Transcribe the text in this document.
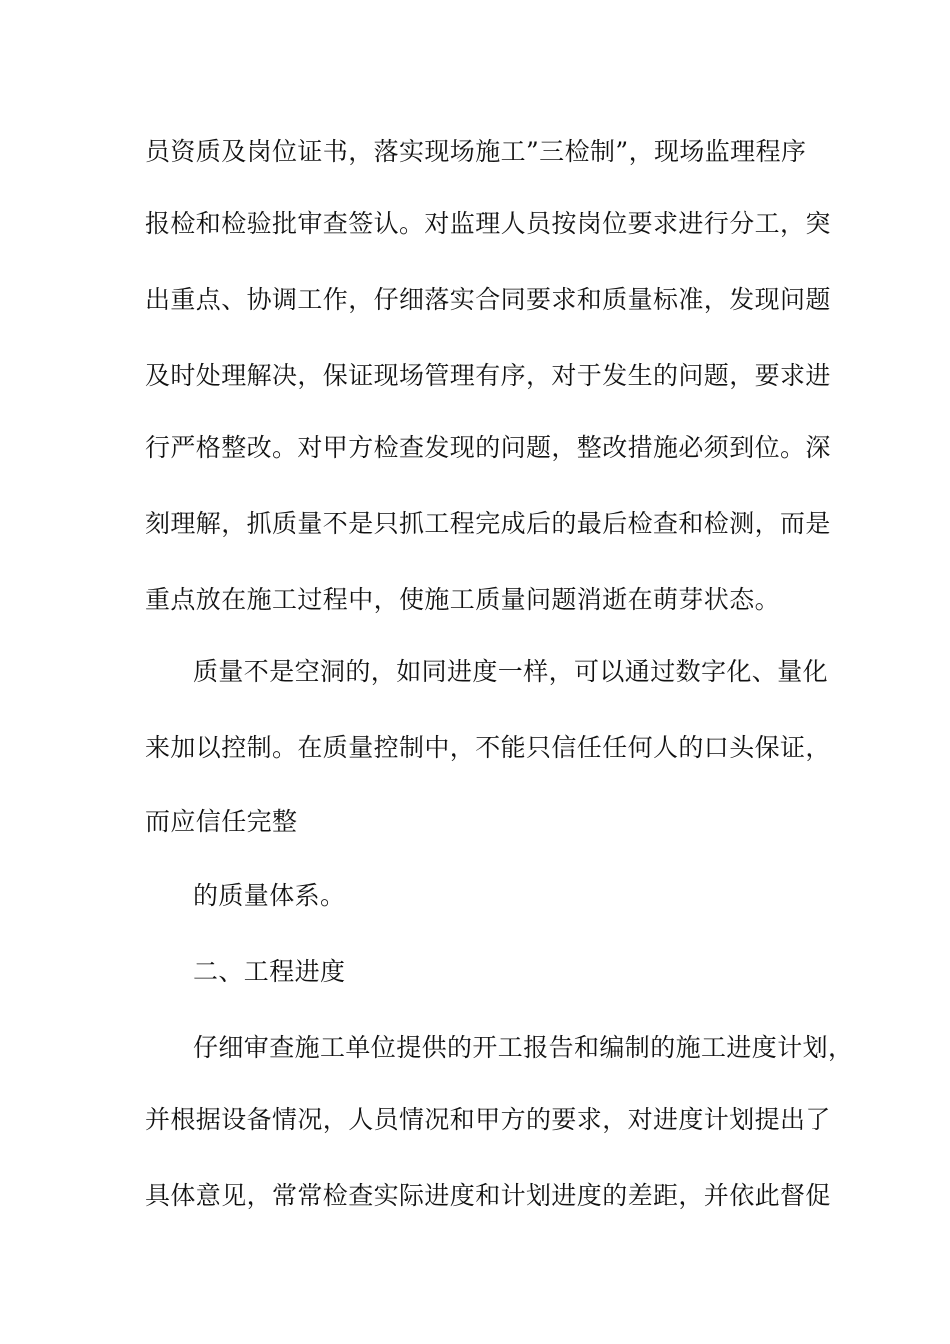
员资质及岗位证书，落实现场施工”三检制”，现场监理程序
报检和检验批审查签认。对监理人员按岗位要求进行分工，突
出重点、协调工作，仔细落实合同要求和质量标准，发现问题
及时处理解决，保证现场管理有序，对于发生的问题，要求进
行严格整改。对甲方检查发现的问题，整改措施必须到位。深
刻理解，抓质量不是只抓工程完成后的最后检查和检测，而是
重点放在施工过程中，使施工质量问题消逝在萌芽状态。
质量不是空洞的，如同进度一样，可以通过数字化、量化
来加以控制。在质量控制中，不能只信任任何人的口头保证，
而应信任完整
的质量体系。
二、工程进度
仔细审查施工单位提供的开工报告和编制的施工进度计划，
并根据设备情况，人员情况和甲方的要求，对进度计划提出了
具体意见，常常检查实际进度和计划进度的差距，并依此督促
